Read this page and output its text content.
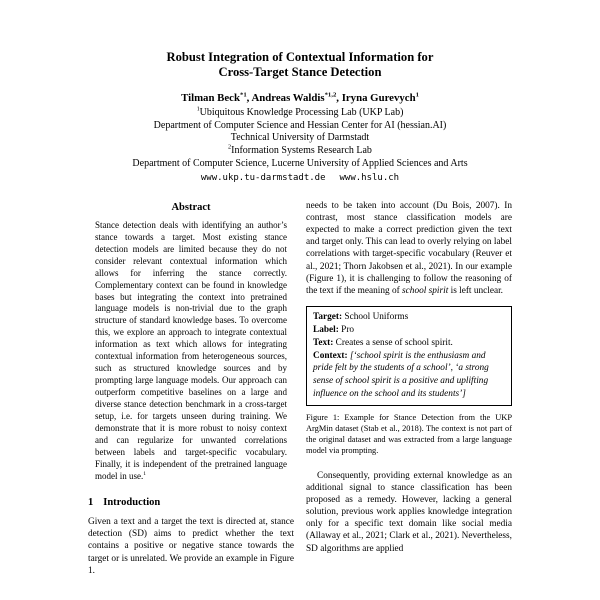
Robust Integration of Contextual Information for
Cross-Target Stance Detection
Tilman Beck$^{*1}$, Andreas Waldis$^{*1,2}$, Iryna Gurevych$^1$
$^1$Ubiquitous Knowledge Processing Lab (UKP Lab)
Department of Computer Science and Hessian Center for AI (hessian.AI)
Technical University of Darmstadt
$^2$Information Systems Research Lab
Department of Computer Science, Lucerne University of Applied Sciences and Arts
www.ukp.tu-darmstadt.de www.hslu.ch
Abstract

Stance detection deals with identifying an author’s stance towards a target. Most existing stance detection models are limited because they do not consider relevant contextual information which allows for inferring the stance correctly. Complementary context can be found in knowledge bases but integrating the context into pretrained language models is non-trivial due to the graph structure of standard knowledge bases. To overcome this, we explore an approach to integrate contextual information as text which allows for integrating contextual information from heterogeneous sources, such as structured knowledge sources and by prompting large language models. Our approach can outperform competitive baselines on a large and diverse stance detection benchmark in a cross-target setup, i.e. for targets unseen during training. We demonstrate that it is more robust to noisy context and can regularize for unwanted correlations between labels and target-specific vocabulary. Finally, it is independent of the pretrained language model in use.$^1$

1 Introduction

Given a text and a target the text is directed at, stance detection (SD) aims to predict whether the text contains a positive or negative stance towards the target or is unrelated. We provide an example in Figure 1.

needs to be taken into account (Du Bois, 2007). In contrast, most stance classification models are expected to make a correct prediction given the text and target only. This can lead to overly relying on label correlations with target-specific vocabulary (Reuver et al., 2021; Thorn Jakobsen et al., 2021). In our example (Figure 1), it is challenging to follow the reasoning of the text if the meaning of school spirit is left unclear.

Target: School Uniforms
Label: Pro
Text: Creates a sense of school spirit.
Context: [‘school spirit is the enthusiasm and pride felt by the students of a school’, ‘a strong sense of school spirit is a positive and uplifting influence on the school and its students’]

Figure 1: Example for Stance Detection from the UKP ArgMin dataset (Stab et al., 2018). The context is not part of the original dataset and was extracted from a large language model via prompting.

Consequently, providing external knowledge as an additional signal to stance classification has been proposed as a remedy. However, lacking a general solution, previous work applies knowledge integration only for a specific text domain like social media (Allaway et al., 2021; Clark et al., 2021). Nevertheless, SD algorithms are applied
